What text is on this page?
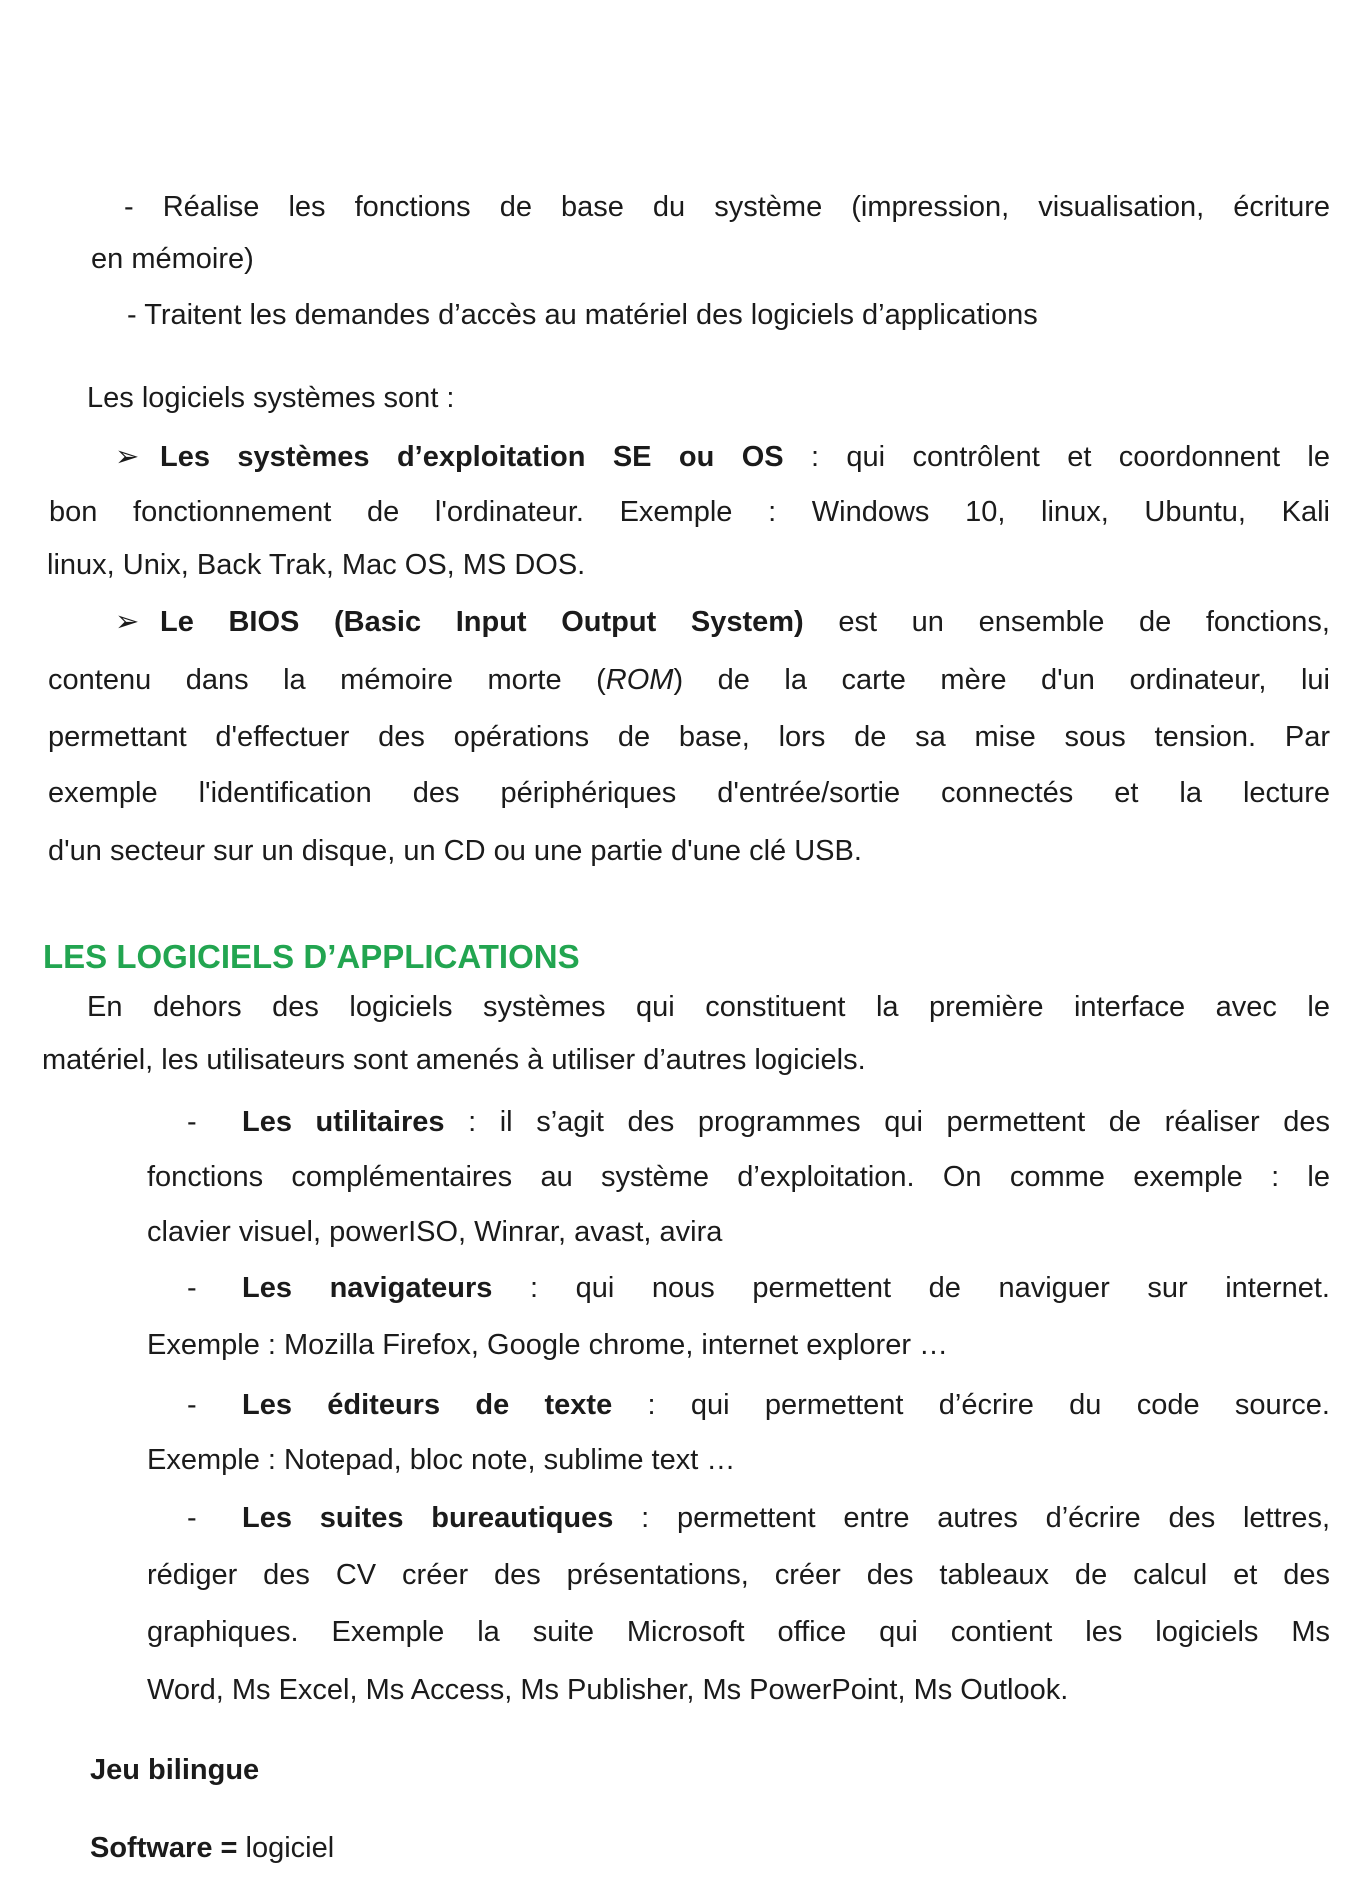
- Réalise les fonctions de base du système (impression, visualisation, écriture
en mémoire)
- Traitent les demandes d’accès au matériel des logiciels d’applications
Les logiciels systèmes sont :
➢ Les systèmes d’exploitation SE ou OS : qui contrôlent et coordonnent le
bon fonctionnement de l'ordinateur. Exemple : Windows 10, linux, Ubuntu, Kali
linux, Unix, Back Trak, Mac OS, MS DOS.
➢ Le BIOS (Basic Input Output System) est un ensemble de fonctions,
contenu dans la mémoire morte (ROM) de la carte mère d'un ordinateur, lui
permettant d'effectuer des opérations de base, lors de sa mise sous tension. Par
exemple l'identification des périphériques d'entrée/sortie connectés et la lecture
d'un secteur sur un disque, un CD ou une partie d'une clé USB.
LES LOGICIELS D’APPLICATIONS
En dehors des logiciels systèmes qui constituent la première interface avec le
matériel, les utilisateurs sont amenés à utiliser d’autres logiciels.
- Les utilitaires : il s’agit des programmes qui permettent de réaliser des
fonctions complémentaires au système d’exploitation. On comme exemple : le
clavier visuel, powerISO, Winrar, avast, avira
- Les navigateurs : qui nous permettent de naviguer sur internet.
Exemple : Mozilla Firefox, Google chrome, internet explorer …
- Les éditeurs de texte : qui permettent d’écrire du code source.
Exemple : Notepad, bloc note, sublime text …
- Les suites bureautiques : permettent entre autres d’écrire des lettres,
rédiger des CV créer des présentations, créer des tableaux de calcul et des
graphiques. Exemple la suite Microsoft office qui contient les logiciels Ms
Word, Ms Excel, Ms Access, Ms Publisher, Ms PowerPoint, Ms Outlook.
Jeu bilingue
Software = logiciel
